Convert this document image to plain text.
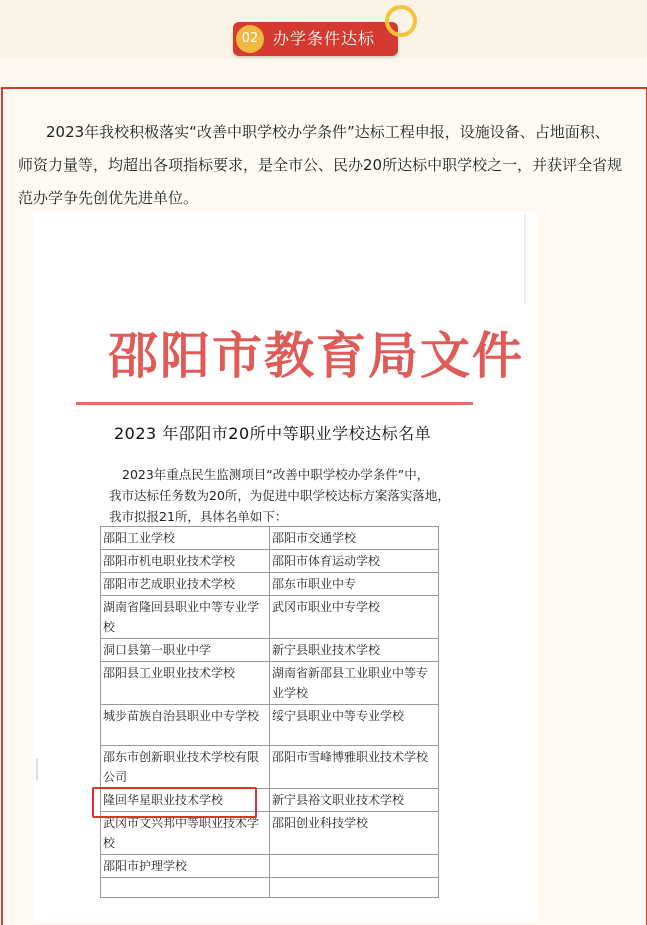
02 办学条件达标
2023年我校积极落实“改善中职学校办学条件”达标工程申报，设施设备、占地面积、师资力量等，均超出各项指标要求，是全市公、民办20所达标中职学校之一，并获评全省规范办学争先创优先进单位。
邵阳市教育局文件
2023 年邵阳市20所中等职业学校达标名单

2023年重点民生监测项目“改善中职学校办学条件”中，

我市达标任务数为20所，为促进中职学校达标方案落实落地，

我市拟报21所，具体名单如下：

邵阳工业学校	邵阳市交通学校
邵阳市机电职业技术学校	邵阳市体育运动学校
邵阳市艺成职业技术学校	邵东市职业中专
湖南省隆回县职业中等专业学校	武冈市职业中专学校
洞口县第一职业中学	新宁县职业技术学校
邵阳县工业职业技术学校	湖南省新邵县工业职业中等专业学校
城步苗族自治县职业中专学校	绥宁县职业中等专业学校
邵东市创新职业技术学校有限公司	邵阳市雪峰博雅职业技术学校
隆回华星职业技术学校	新宁县裕文职业技术学校
武冈市文兴邦中等职业技术学校	邵阳创业科技学校
邵阳市护理学校	
